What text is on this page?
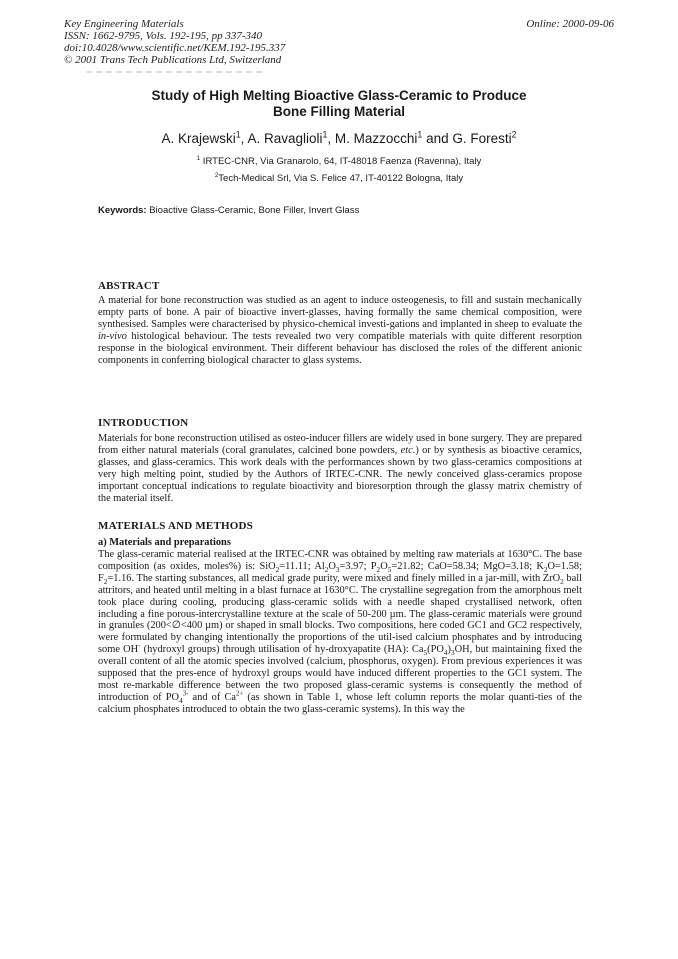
Key Engineering Materials
ISSN: 1662-9795, Vols. 192-195, pp 337-340
doi:10.4028/www.scientific.net/KEM.192-195.337
© 2001 Trans Tech Publications Ltd, Switzerland
Online: 2000-09-06
Study of High Melting Bioactive Glass-Ceramic to Produce
Bone Filling Material
A. Krajewski$^1$, A. Ravaglioli$^1$, M. Mazzocchi$^1$ and G. Foresti$^2$
$^1$ IRTEC-CNR, Via Granarolo, 64, IT-48018 Faenza (Ravenna), Italy
$^2$Tech-Medical Srl, Via S. Felice 47, IT-40122 Bologna, Italy
Keywords: Bioactive Glass-Ceramic, Bone Filler, Invert Glass
ABSTRACT
A material for bone reconstruction was studied as an agent to induce osteogenesis, to fill and sustain mechanically empty parts of bone. A pair of bioactive invert-glasses, having formally the same chemical composition, were synthesised. Samples were characterised by physico-chemical investi-gations and implanted in sheep to evaluate the in-vivo histological behaviour. The tests revealed two very compatible materials with quite different resorption response in the biological environment. Their different behaviour has disclosed the roles of the different anionic components in conferring biological character to glass systems.
INTRODUCTION
Materials for bone reconstruction utilised as osteo-inducer fillers are widely used in bone surgery. They are prepared from either natural materials (coral granulates, calcined bone powders, etc.) or by synthesis as bioactive ceramics, glasses, and glass-ceramics. This work deals with the performances shown by two glass-ceramics compositions at very high melting point, studied by the Authors of IRTEC-CNR. The newly conceived glass-ceramics propose important conceptual indications to regulate bioactivity and bioresorption through the glassy matrix chemistry of the material itself.
MATERIALS AND METHODS
a) Materials and preparations
The glass-ceramic material realised at the IRTEC-CNR was obtained by melting raw materials at 1630°C. The base composition (as oxides, moles%) is: SiO$_2$=11.11; $Al_2O_3=3.97$; $P_2O_5=21.82$; CaO=58.34; MgO=3.18; $K_2O=1.58$; $F_2=1.16$. The starting substances, all medical grade purity, were mixed and finely milled in a jar-mill, with ZrO$_2$ ball attritors, and heated until melting in a blast furnace at 1630°C. The crystalline segregation from the amorphous melt took place during cooling, producing glass-ceramic solids with a needle shaped crystallised network, often including a fine porous-intercrystalline texture at the scale of 50-200 µm. The glass-ceramic materials were ground in granules (200<∅<400 µm) or shaped in small blocks. Two compositions, here coded GC1 and GC2 respectively, were formulated by changing intentionally the proportions of the util-ised calcium phosphates and by introducing some OH- (hydroxyl groups) through utilisation of hy-droxyapatite (HA): $Ca_5(PO_4)_3OH$, but maintaining fixed the overall content of all the atomic species involved (calcium, phosphorus, oxygen). From previous experiences it was supposed that the pres-ence of hydroxyl groups would have induced different properties to the GC1 system. The most re-markable difference between the two proposed glass-ceramic systems is consequently the method of introduction of $PO_4^{3-}$ and of $Ca^{2+}$ (as shown in Table 1, whose left column reports the molar quanti-ties of the calcium phosphates introduced to obtain the two glass-ceramic systems). In this way the
